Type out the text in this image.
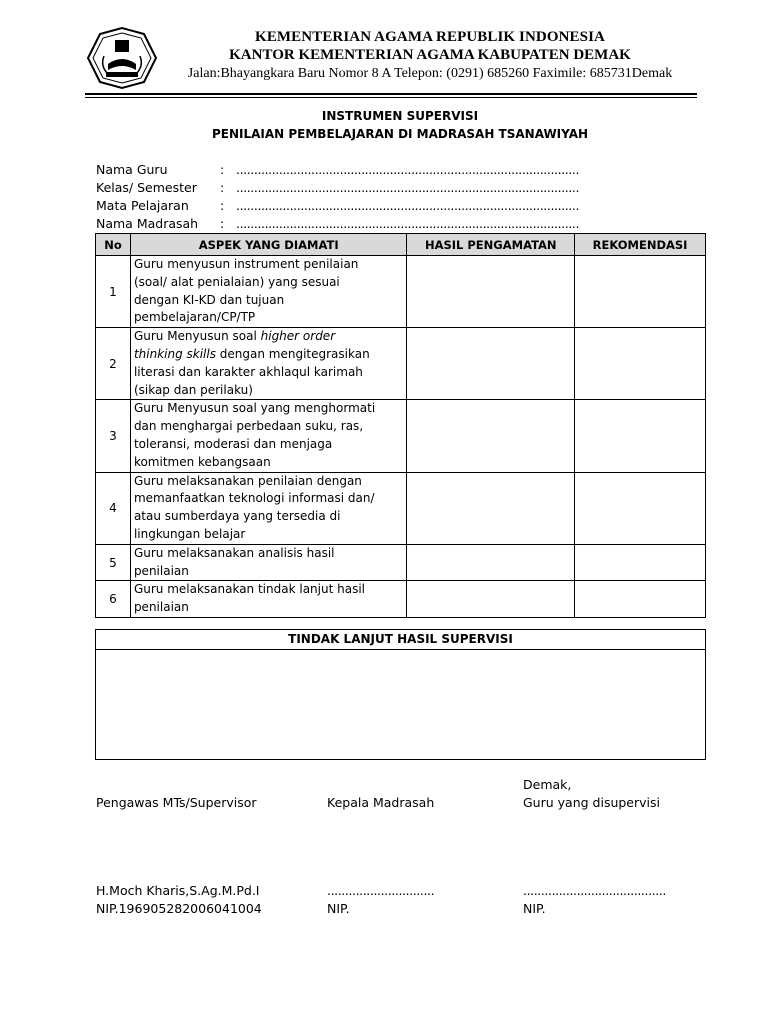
KEMENTERIAN AGAMA REPUBLIK INDONESIA
KANTOR KEMENTERIAN AGAMA KABUPATEN DEMAK
Jalan:Bhayangkara Baru Nomor 8 A Telepon: (0291) 685260 Faximile: 685731Demak
INSTRUMEN SUPERVISI
PENILAIAN PEMBELAJARAN DI MADRASAH TSANAWIYAH
Nama Guru	: ................................................................................................
Kelas/ Semester : ................................................................................................
Mata Pelajaran	: ................................................................................................
Nama Madrasah : ................................................................................................
No	ASPEK YANG DIAMATI	HASIL PENGAMATAN	REKOMENDASI
1	Guru menyusun instrument penilaian
(soal/ alat penialaian) yang sesuai
dengan KI-KD dan tujuan
pembelajaran/CP/TP		

2	Guru Menyusun soal higher order
thinking skills dengan mengitegrasikan
literasi dan karakter akhlaqul karimah
(sikap dan perilaku)		

3	Guru Menyusun soal yang menghormati
dan menghargai perbedaan suku, ras,
toleransi, moderasi dan menjaga
komitmen kebangsaan		

4	Guru melaksanakan penilaian dengan
memanfaatkan teknologi informasi dan/
atau sumberdaya yang tersedia di
lingkungan belajar		

5	Guru melaksanakan analisis hasil
penilaian		

6	Guru melaksanakan tindak lanjut hasil
penilaian		

TINDAK LANJUT HASIL SUPERVISI
Demak,
Pengawas MTs/Supervisor	Kepala Madrasah	Guru yang disupervisi
H.Moch Kharis,S.Ag.M.Pd.I	..............................	........................................
NIP.196905282006041004	NIP.	NIP.
